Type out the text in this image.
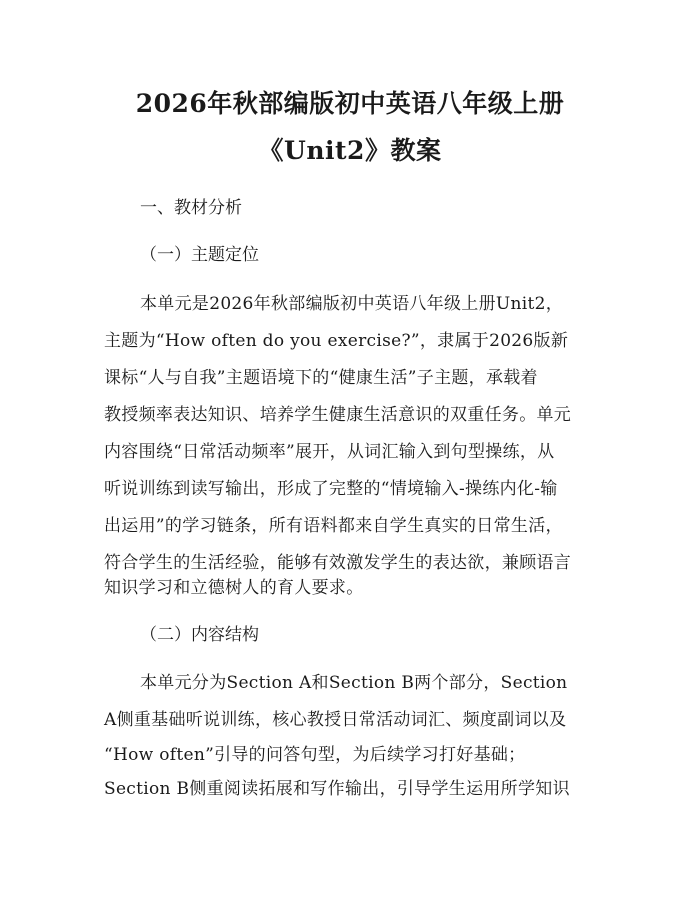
2026年秋部编版初中英语八年级上册
《Unit2》教案
一、教材分析
（一）主题定位
本单元是2026年秋部编版初中英语八年级上册Unit2，
主题为“How often do you exercise?”，隶属于2026版新
课标“人与自我”主题语境下的“健康生活”子主题，承载着
教授频率表达知识、培养学生健康生活意识的双重任务。单元
内容围绕“日常活动频率”展开，从词汇输入到句型操练，从
听说训练到读写输出，形成了完整的“情境输入-操练内化-输
出运用”的学习链条，所有语料都来自学生真实的日常生活，
符合学生的生活经验，能够有效激发学生的表达欲，兼顾语言
知识学习和立德树人的育人要求。
（二）内容结构
本单元分为Section A和Section B两个部分，Section
A侧重基础听说训练，核心教授日常活动词汇、频度副词以及
“How often”引导的问答句型，为后续学习打好基础；
Section B侧重阅读拓展和写作输出，引导学生运用所学知识
